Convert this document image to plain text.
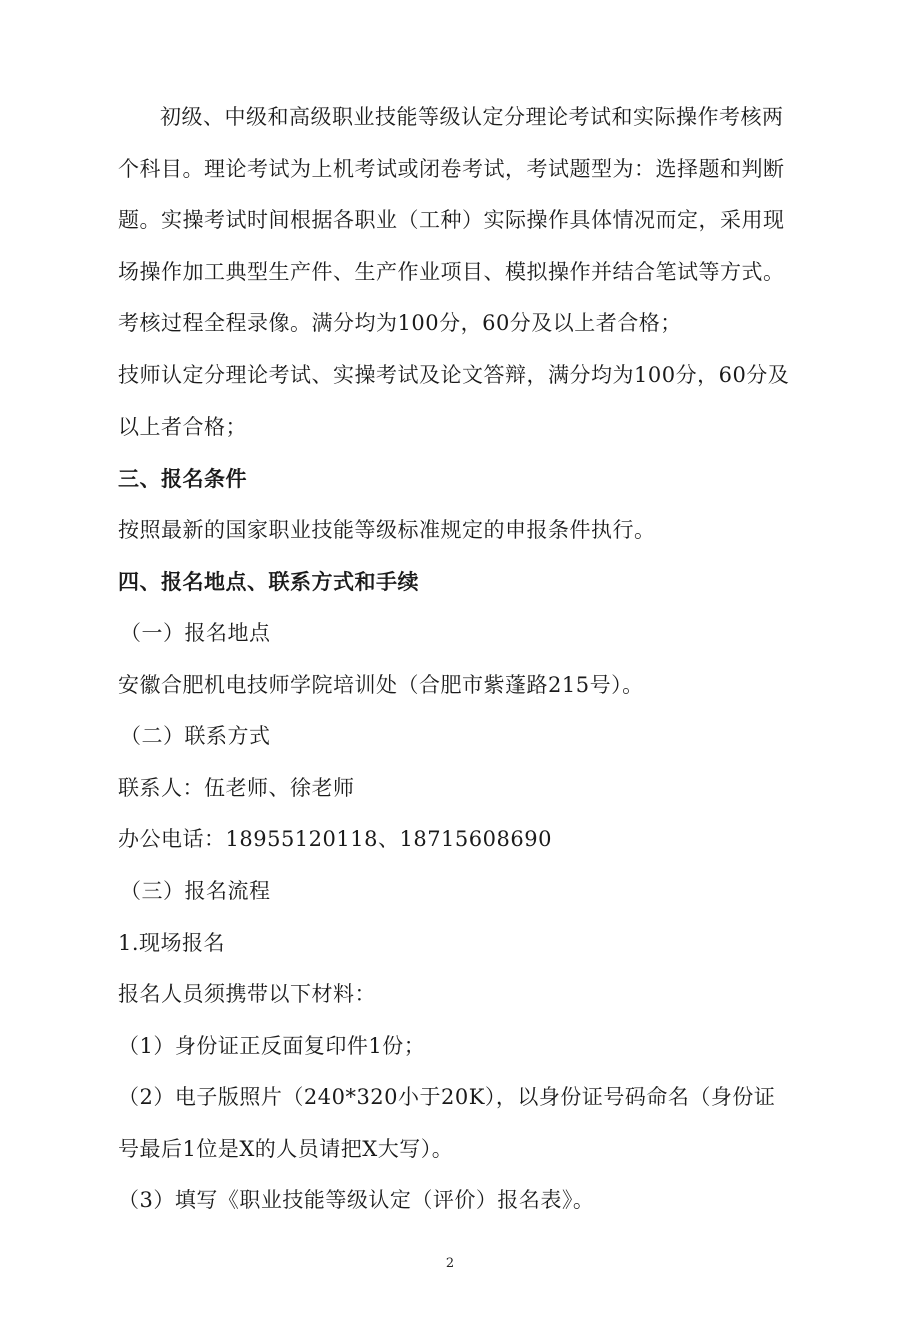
初级、中级和高级职业技能等级认定分理论考试和实际操作考核两个科目。理论考试为上机考试或闭卷考试，考试题型为：选择题和判断题。实操考试时间根据各职业（工种）实际操作具体情况而定，采用现场操作加工典型生产件、生产作业项目、模拟操作并结合笔试等方式。考核过程全程录像。满分均为100分，60分及以上者合格；

技师认定分理论考试、实操考试及论文答辩，满分均为100分，60分及以上者合格；

三、报名条件

按照最新的国家职业技能等级标准规定的申报条件执行。

四、报名地点、联系方式和手续

（一）报名地点

安徽合肥机电技师学院培训处（合肥市紫蓬路215号）。

（二）联系方式

联系人：伍老师、徐老师

办公电话：18955120118、18715608690

（三）报名流程

1.现场报名

报名人员须携带以下材料：

（1）身份证正反面复印件1份；

（2）电子版照片（240*320小于20K），以身份证号码命名（身份证号最后1位是X的人员请把X大写）。

（3）填写《职业技能等级认定（评价）报名表》。

2
